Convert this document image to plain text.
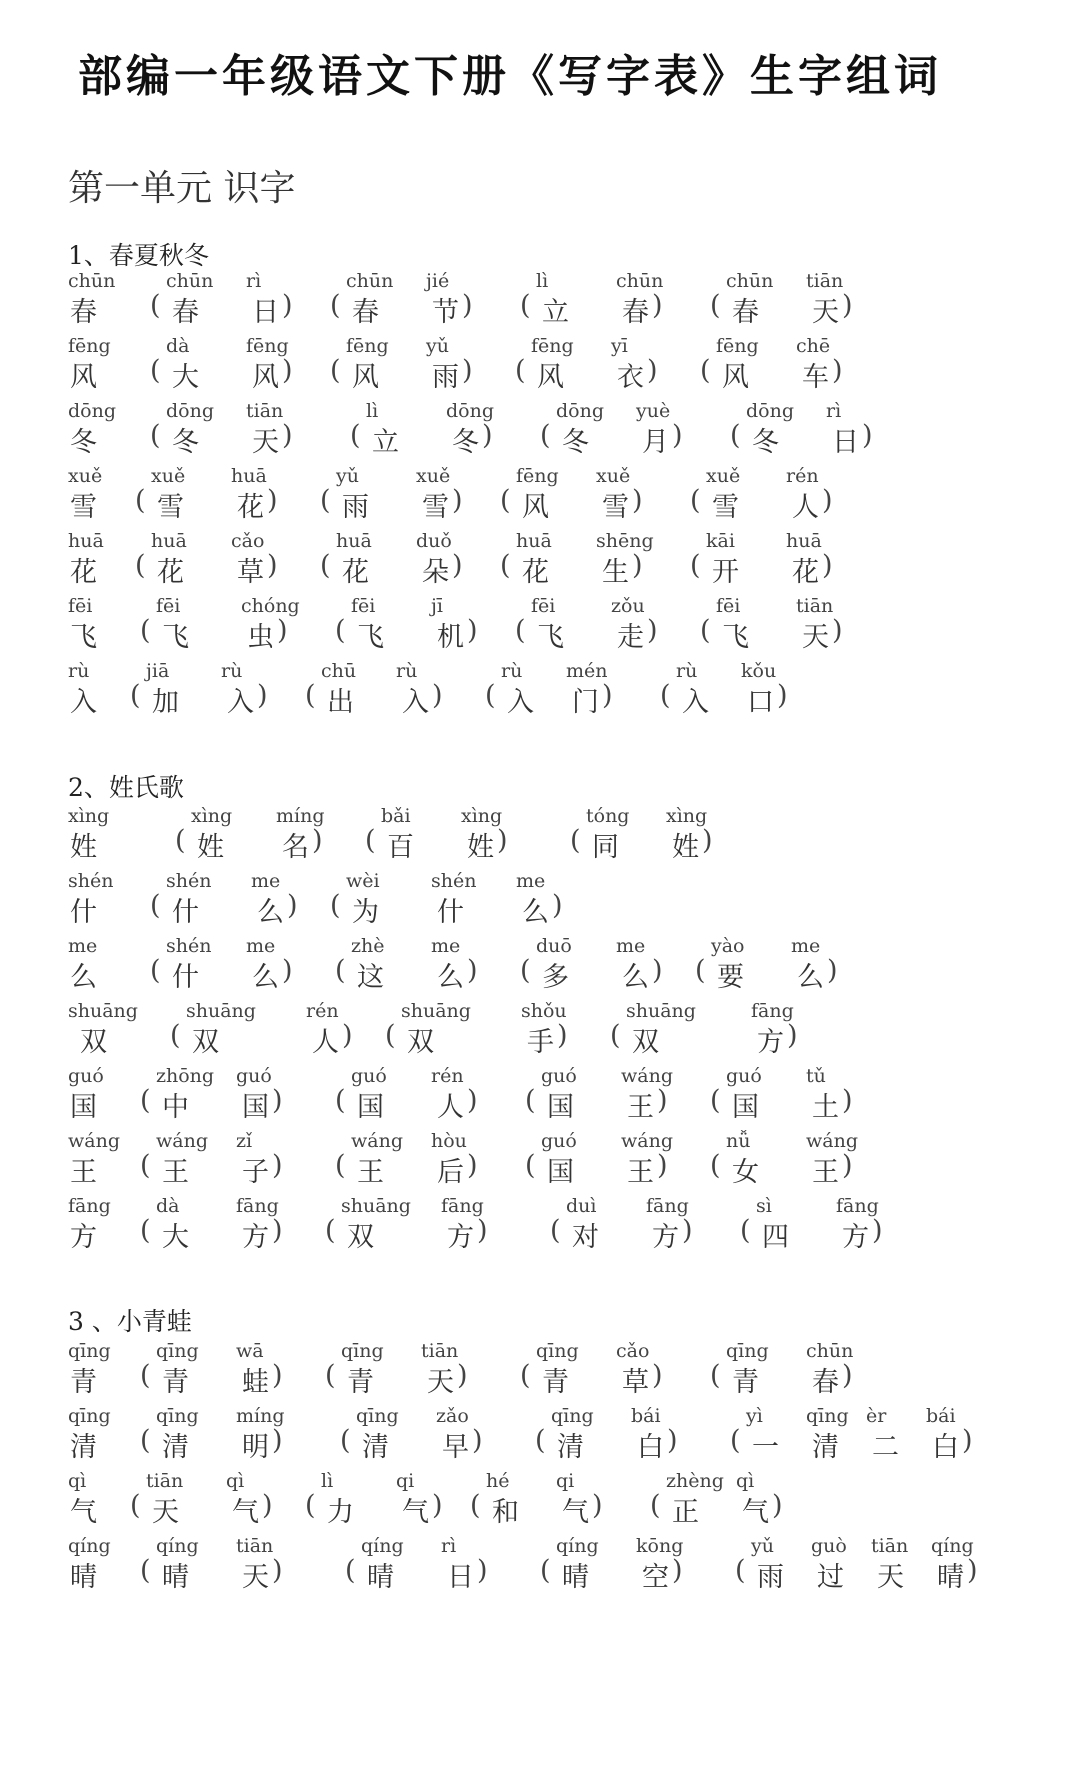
部编一年级语文下册《写字表》生字组词
第一单元 识字
1、春夏秋冬
chūn
春 (
chūn
春
rì
日 ) (
chūn
春
jié
节 ) (
lì
立
chūn
春 ) (
chūn
春
tiān
天 )
fēng
风 (
dà
大
fēng
风 ) (
fēng
风
yǔ
雨 ) (
fēng
风
yī
衣 ) (
fēng
风
chē
车 )
dōng
冬 (
dōng
冬
tiān
天 ) (
lì
立
dōng
冬 ) (
dōng
冬
yuè
月 ) (
dōng
冬
rì
日 )
xuě
雪 (
xuě
雪
huā
花 ) (
yǔ
雨
xuě
雪 ) (
fēng
风
xuě
雪 ) (
xuě
雪
rén
人 )
huā
花 (
huā
花
cǎo
草 ) (
huā
花
duǒ
朵 ) (
huā
花
shēng
生 ) (
kāi
开
huā
花 )
fēi
飞 (
fēi
飞
chóng
虫 ) (
fēi
飞
jī
机 ) (
fēi
飞
zǒu
走 ) (
fēi
飞
tiān
天 )
rù
入 (
jiā
加
rù
入 ) (
chū
出
rù
入 ) (
rù
入
mén
门 ) (
rù
入
kǒu
口 )
2、姓氏歌
xìng
姓	(
xìng
姓
míng
名 ) (
bǎi
百
xìng
姓 ) (
tóng
同
xìng
姓 )
shén
什 (
shén
什
me
么 ) (
wèi
为
shén
什
me
么 )
me
么 (
shén
什
me
么 ) (
zhè
这
me
么 ) (
duō
多
me
么 ) (
yào
要
me
么 )
shuāng
双 (
shuāng
双
rén
人 ) (
shuāng
双
shǒu
手 ) (
shuāng
双
fāng
方 )
guó
国 (
zhōng
中
guó
国 ) (
guó
国
rén
人 ) (
guó
国
wáng
王 ) (
guó
国
tǔ
土 )
wáng
王 (
wáng
王
zǐ
子 ) (
wáng
王
hòu
后 ) (
guó
国
wáng
王 ) (
nǚ
女
wáng
王 )
fāng
方 (
dà
大
fāng
方 ) (
shuāng
双
fāng
方 ) (
duì
对
fāng
方 ) (
sì
四
fāng
方 )
3 、小青蛙
qīng
青 (
qīng
青
wā
蛙 ) (
qīng
青
tiān
天 ) (
qīng
青
cǎo
草 ) (
qīng
青
chūn
春 )
qīng
清 (
qīng
清
míng
明 ) (
qīng
清
zǎo
早 ) (
qīng
清
bái
白 ) (
yì
一
qīng
清
èr
二
bái
白 )
qì
气 (
tiān
天
qì
气 ) (
lì
力
qi
气 ) (
hé
和
qi
气 ) (
zhèng
正
qì
气 )
qíng
晴 (
qíng
晴
tiān
天 ) (
qíng
晴
rì
日 ) (
qíng
晴
kōng
空 ) (
yǔ
雨
guò
过
tiān
天
qíng
晴 )
